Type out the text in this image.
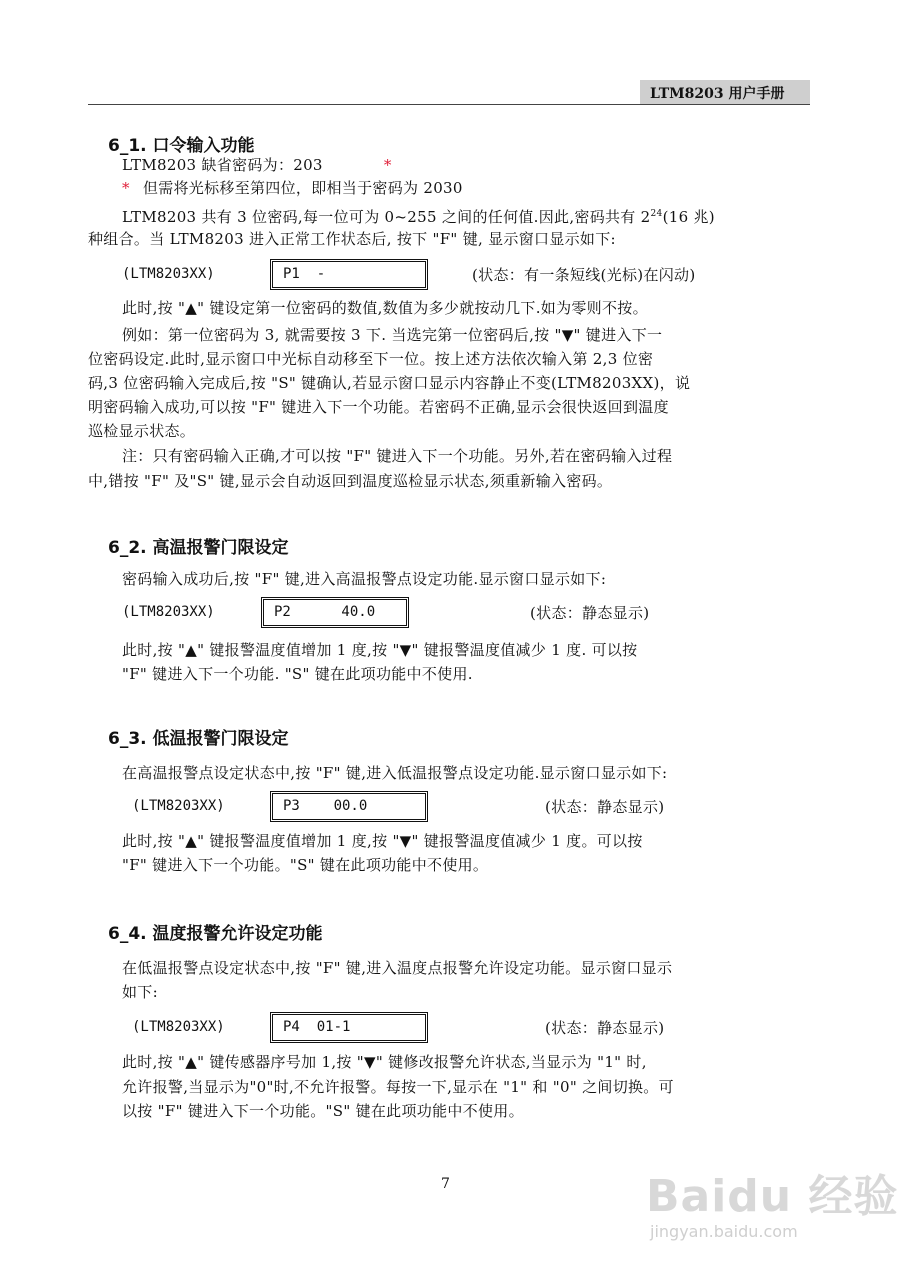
LTM8203 用户手册
6_1. 口令输入功能
LTM8203 缺省密码为：203	*
* 但需将光标移至第四位，即相当于密码为 2030
LTM8203 共有 3 位密码,每一位可为 0~255 之间的任何值.因此,密码共有 $2^{24}(16$ 兆)
种组合。当 LTM8203 进入正常工作状态后, 按下 "F" 键, 显示窗口显示如下:
(LTM8203XX)	P1  -	(状态：有一条短线(光标)在闪动)
此时,按 "▲" 键设定第一位密码的数值,数值为多少就按动几下.如为零则不按。
例如：第一位密码为 3, 就需要按 3 下. 当选完第一位密码后,按 "▼" 键进入下一
位密码设定.此时,显示窗口中光标自动移至下一位。按上述方法依次输入第 2,3 位密
码,3 位密码输入完成后,按 "S" 键确认,若显示窗口显示内容静止不变(LTM8203XX)，说
明密码输入成功,可以按 "F" 键进入下一个功能。若密码不正确,显示会很快返回到温度
巡检显示状态。
注：只有密码输入正确,才可以按 "F" 键进入下一个功能。另外,若在密码输入过程
中,错按 "F" 及"S" 键,显示会自动返回到温度巡检显示状态,须重新输入密码。
6_2. 高温报警门限设定
密码输入成功后,按 "F" 键,进入高温报警点设定功能.显示窗口显示如下:
(LTM8203XX)	P2      40.0	(状态：静态显示)
此时,按 "▲" 键报警温度值增加 1 度,按 "▼" 键报警温度值减少 1 度. 可以按
"F" 键进入下一个功能. "S" 键在此项功能中不使用.
6_3. 低温报警门限设定
在高温报警点设定状态中,按 "F" 键,进入低温报警点设定功能.显示窗口显示如下:
(LTM8203XX)	P3    00.0	(状态：静态显示)
此时,按 "▲" 键报警温度值增加 1 度,按 "▼" 键报警温度值减少 1 度。可以按
"F" 键进入下一个功能。"S" 键在此项功能中不使用。
6_4. 温度报警允许设定功能
在低温报警点设定状态中,按 "F" 键,进入温度点报警允许设定功能。显示窗口显示
如下:
(LTM8203XX)	P4  01-1	(状态：静态显示)
此时,按 "▲" 键传感器序号加 1,按 "▼" 键修改报警允许状态,当显示为 "1" 时,
允许报警,当显示为"0"时,不允许报警。每按一下,显示在 "1" 和 "0" 之间切换。可
以按 "F" 键进入下一个功能。"S" 键在此项功能中不使用。
7	Baidu 经验
jingyan.baidu.com
